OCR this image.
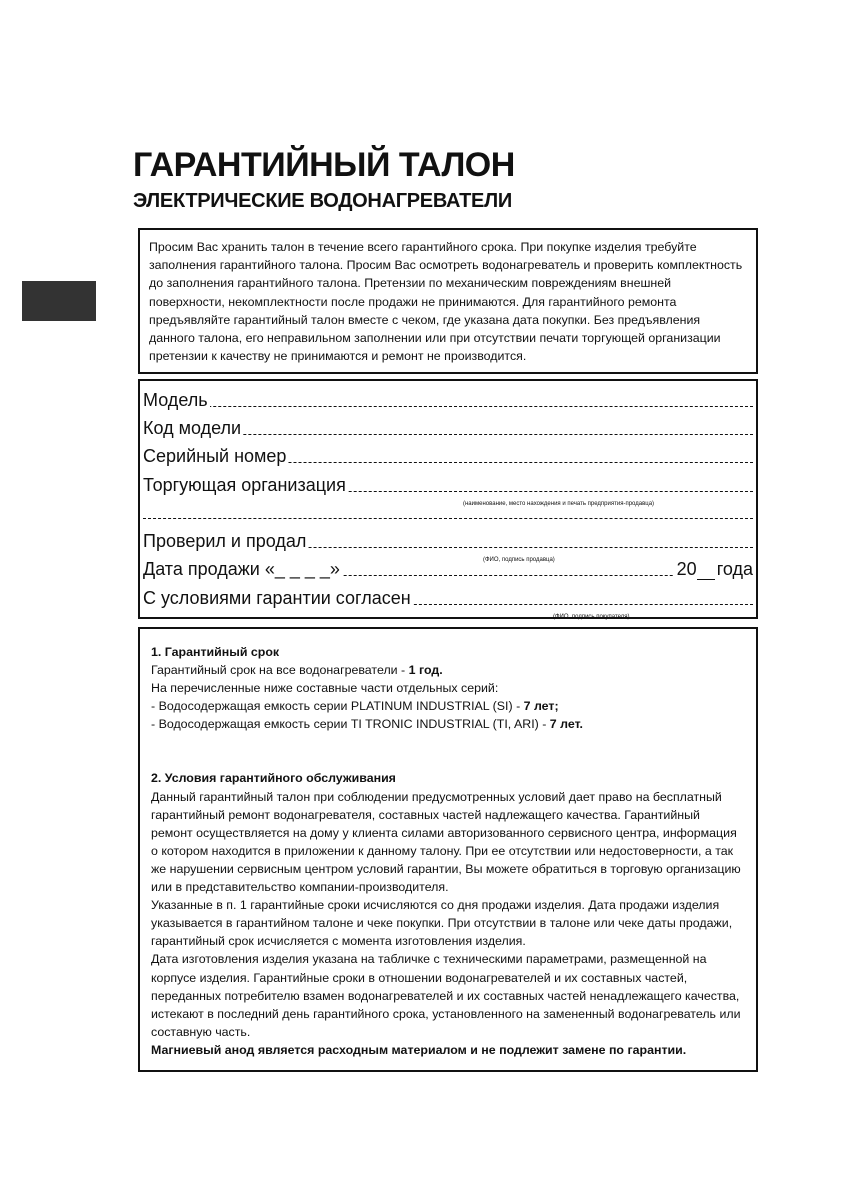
ГАРАНТИЙНЫЙ ТАЛОН
ЭЛЕКТРИЧЕСКИЕ ВОДОНАГРЕВАТЕЛИ
Просим Вас хранить талон в течение всего гарантийного срока. При покупке изделия требуйте заполнения гарантийного талона. Просим Вас осмотреть водонагреватель и проверить комплектность до заполнения гарантийного талона. Претензии по механическим повреждениям внешней поверхности, некомплектности после продажи не принимаются. Для гарантийного ремонта предъявляйте гарантийный талон вместе с чеком, где указана дата покупки. Без предъявления данного талона, его неправильном заполнении или при отсутствии печати торгующей организации претензии к качеству не принимаются и ремонт не производится.
Модель
Код модели
Серийный номер
Торгующая организация
(наименование, место нахождения и печать предприятия-продавца)
Проверил и продал
(ФИО, подпись продавца)
Дата продажи «_ _ _ _»	20 года
С условиями гарантии согласен
(ФИО, подпись покупателя)
1. Гарантийный срок

Гарантийный срок на все водонагреватели - 1 год.

На перечисленные ниже составные части отдельных серий:

- Водосодержащая емкость серии PLATINUM INDUSTRIAL (SI) - 7 лет;

- Водосодержащая емкость серии TI TRONIC INDUSTRIAL (TI, ARI) - 7 лет.

2. Условия гарантийного обслуживания

Данный гарантийный талон при соблюдении предусмотренных условий дает право на бесплатный гарантийный ремонт водонагревателя, составных частей надлежащего качества. Гарантийный ремонт осуществляется на дому у клиента силами авторизованного сервисного центра, информация о котором находится в приложении к данному талону. При ее отсутствии или недостоверности, а так же нарушении сервисным центром условий гарантии, Вы можете обратиться в торговую организацию или в представительство компании-производителя.

Указанные в п. 1 гарантийные сроки исчисляются со дня продажи изделия. Дата продажи изделия указывается в гарантийном талоне и чеке покупки. При отсутствии в талоне или чеке даты продажи, гарантийный срок исчисляется с момента изготовления изделия.

Дата изготовления изделия указана на табличке с техническими параметрами, размещенной на корпусе изделия. Гарантийные сроки в отношении водонагревателей и их составных частей, переданных потребителю взамен водонагревателей и их составных частей ненадлежащего качества, истекают в последний день гарантийного срока, установленного на замененный водонагреватель или составную часть.

Магниевый анод является расходным материалом и не подлежит замене по гарантии.
